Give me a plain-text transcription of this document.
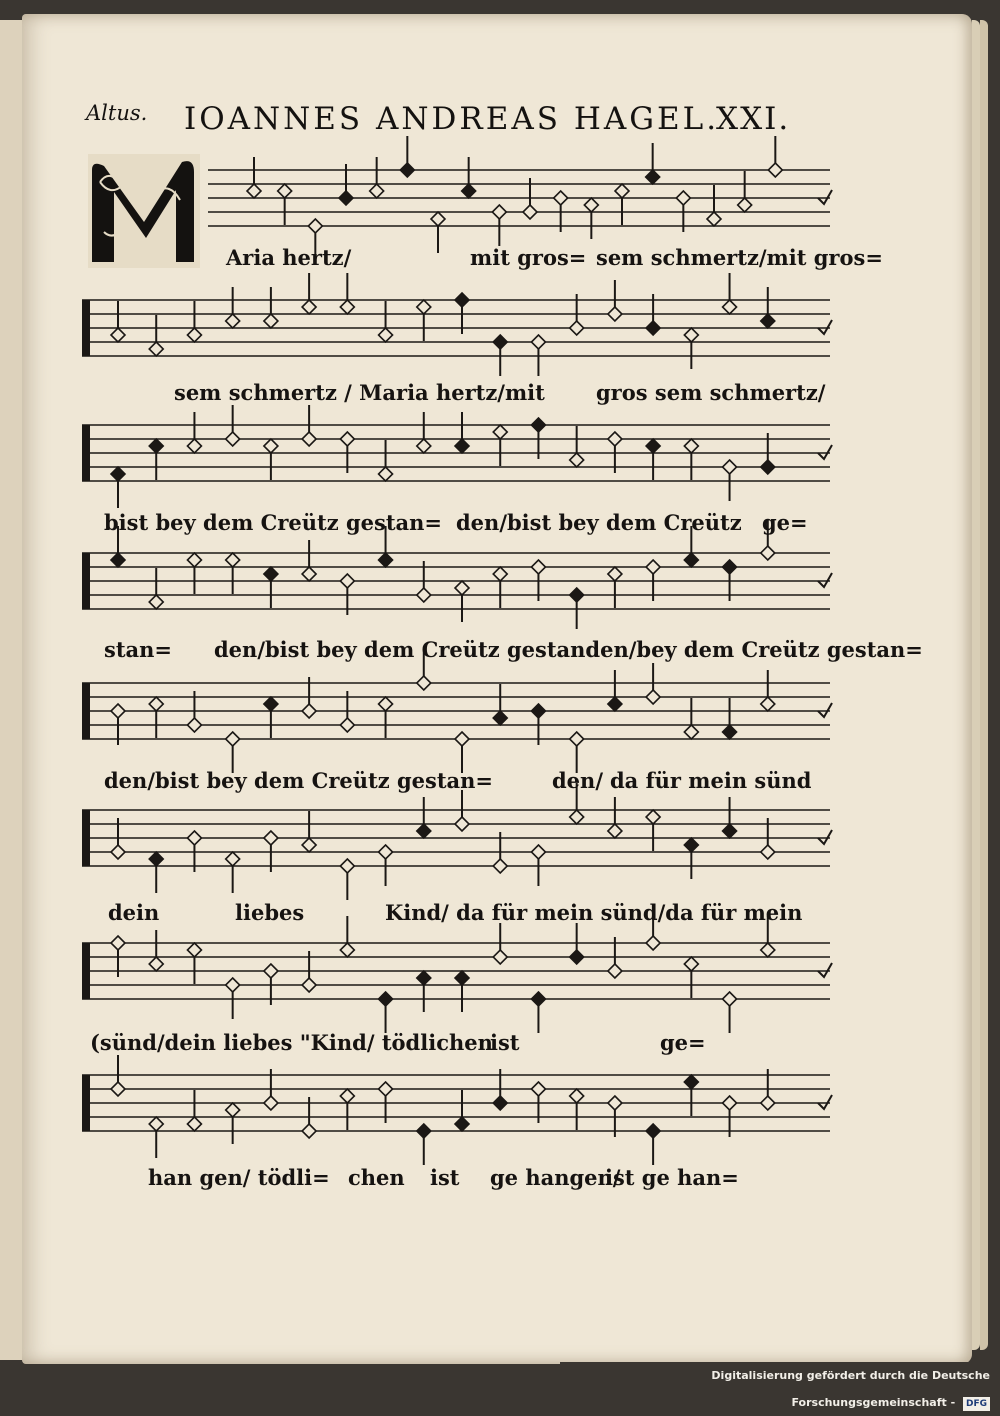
Altus. IOANNES ANDREAS HAGEL.
XXI.
Aria hertz/	mit gros= sem schmertz/mit gros=
sem schmertz / Maria hertz/mit gros sem schmertz/
bist bey dem Creütz gestan= den/bist bey dem Creütz ge=
stan= den/bist bey dem Creütz gestanden/bey dem Creütz gestan=
den/bist bey dem Creütz gestan=	den/ da für mein sünd
dein	liebes	Kind/ da für mein sünd/da für mein
(sünd/dein liebes "Kind/ tödlichen
ist	ge=
han gen/ tödli= chen ist ge hangen/
ist ge han=
Digitalisierung gefördert durch die Deutsche Forschungsgemeinschaft - DFG
